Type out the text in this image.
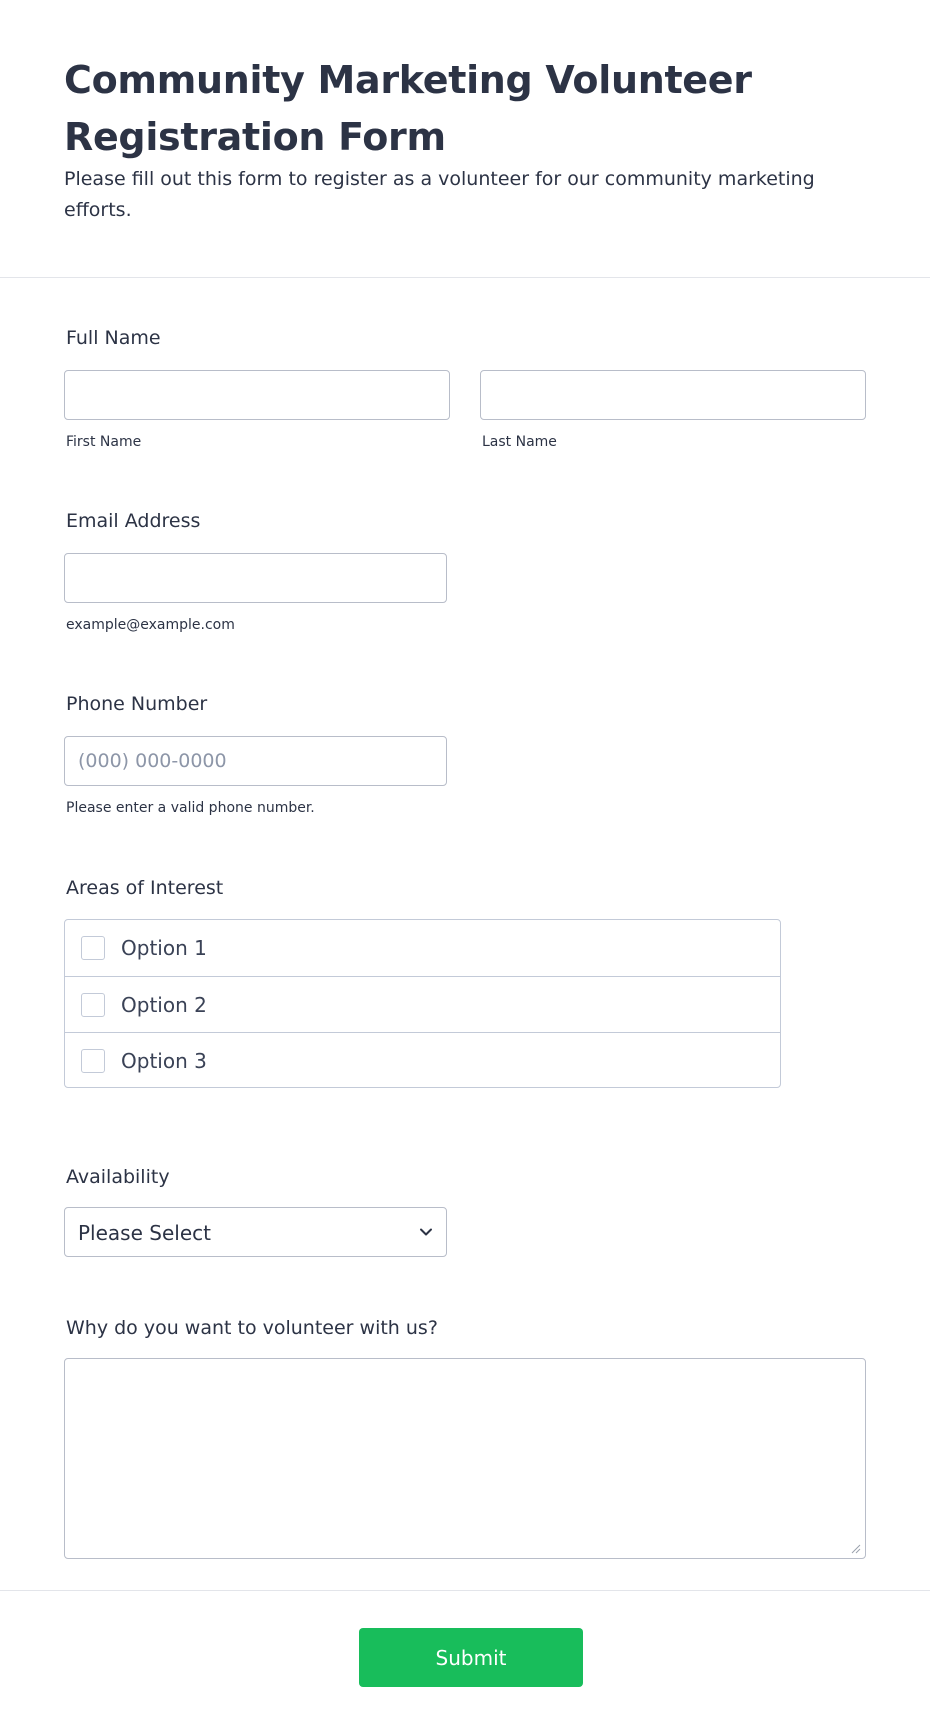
Community Marketing Volunteer Registration Form

Please fill out this form to register as a volunteer for our community marketing efforts.

Full Name
First Name	Last Name
Email Address
example@example.com
Phone Number
(000) 000-0000
Please enter a valid phone number.
Areas of Interest
Option 1
Option 2
Option 3
Availability
Please Select
Why do you want to volunteer with us?
Submit
